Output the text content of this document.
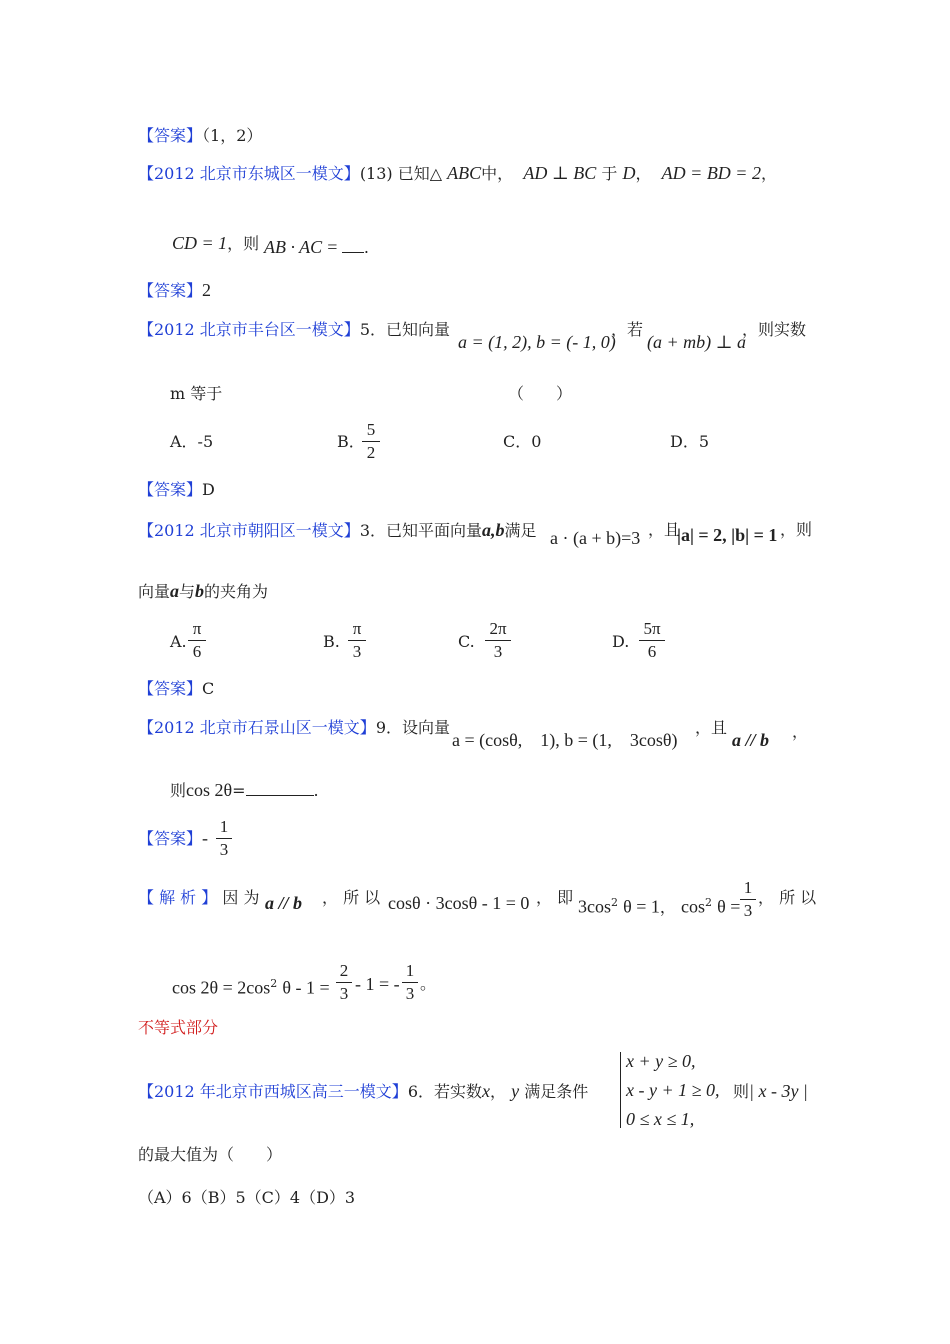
【答案】（1，2）
【2012 北京市东城区一模文】(13) 已知△ ABC中， AD ⊥ BC 于 D， AD = BD = 2，
CD = 1，则 AB · AC = .
【答案】2
【2012 北京市丰台区一模文】5．已知向量
a = (1, 2), b = (- 1, 0)
，若
(a + mb) ⊥ a
，则实数
m 等于	（　　）
A．-5	B．
5
2
C．0	D．5
【答案】D
【2012 北京市朝阳区一模文】3．已知平面向量a,b满足 a · (a + b)=3 ，且
|a| = 2, |b| = 1 ，则
向量a与b的夹角为
A.
π
6
B.
π
3
C.
2π
3
D.
5π
6
【答案】C
【2012 北京市石景山区一模文】9．设向量
a = (cosθ,　1), b = (1,　3cosθ)
，且
a // b ，
则cos 2θ=	.
【答案】-
1
3
【 解 析 】 因 为 a // b ， 所 以 cosθ · 3cosθ - 1 = 0 ， 即 $3\cos^2$ θ = 1， $\cos^2 \theta$ =
1
3
， 所 以
$\cos 2\theta = 2\cos^2$ θ - 1 =
2
3 - 1 = -
1
3
。
不等式部分
【2012 年北京市西城区高三一模文】6．若实数x， y 满足条件
x + y ≥ 0,
x - y + 1 ≥ 0,
0 ≤ x ≤ 1,
则| x - 3y |
的最大值为（　　）
（A）6（B）5（C）4（D）3
